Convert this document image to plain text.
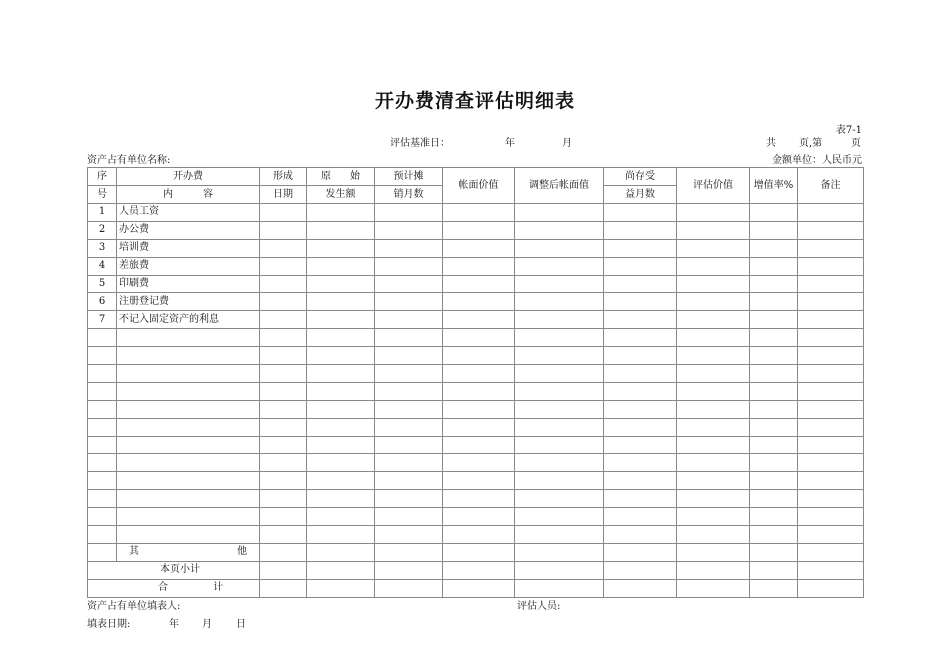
开办费清查评估明细表
表7-1
评估基准日：	年	月	共 页,第	页
资产占有单位名称:	金额单位：人民币元
序	开办费	形成	原 始	预计摊	帐面价值	调整后帐面值	尚存受	评估价值	增值率%	备注
号	内 容	日期	发生额	销月数			益月数			
1	人员工资									
2	办公费									
3	培训费									
4	差旅费									
5	印刷费									
6	注册登记费									
7	不记入固定资产的利息									

	其 他									

本 页 小 计										

合 计										

资产占有单位填表人:	评估人员:
填表日期:	年 月 日
